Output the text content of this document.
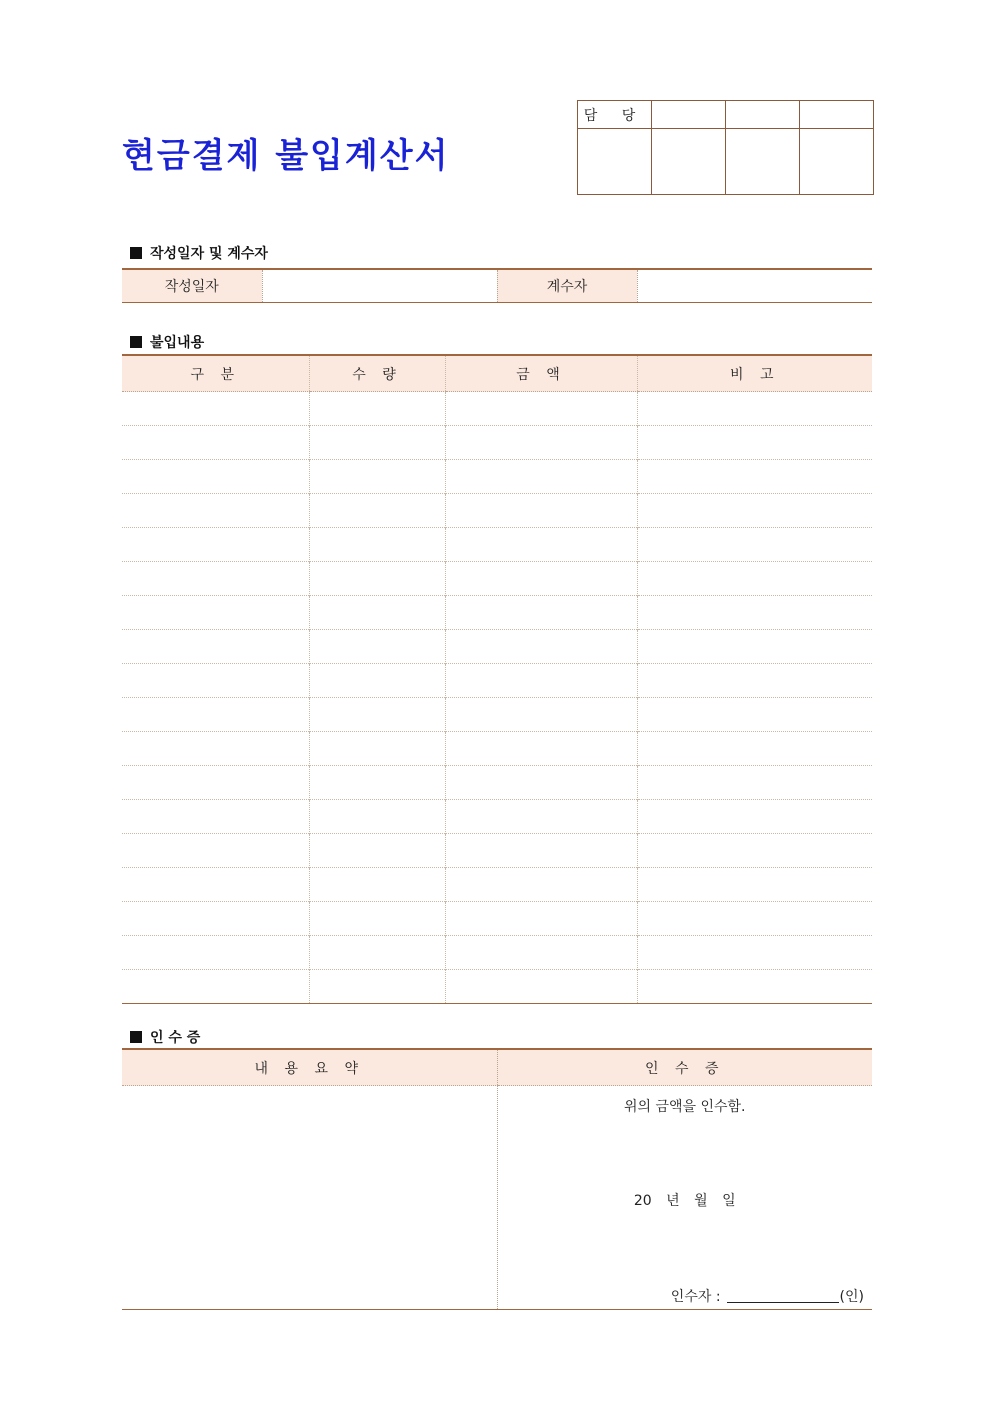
현금결제 불입계산서
담 당			

작성일자 및 계수자
작성일자		계수자	
불입내용
구 분	수 량	금 액	비 고

인 수 증
내 용 요 약	인 수 증

	위의 금액을 인수함.
20 년 월 일
인수자 : (인)
